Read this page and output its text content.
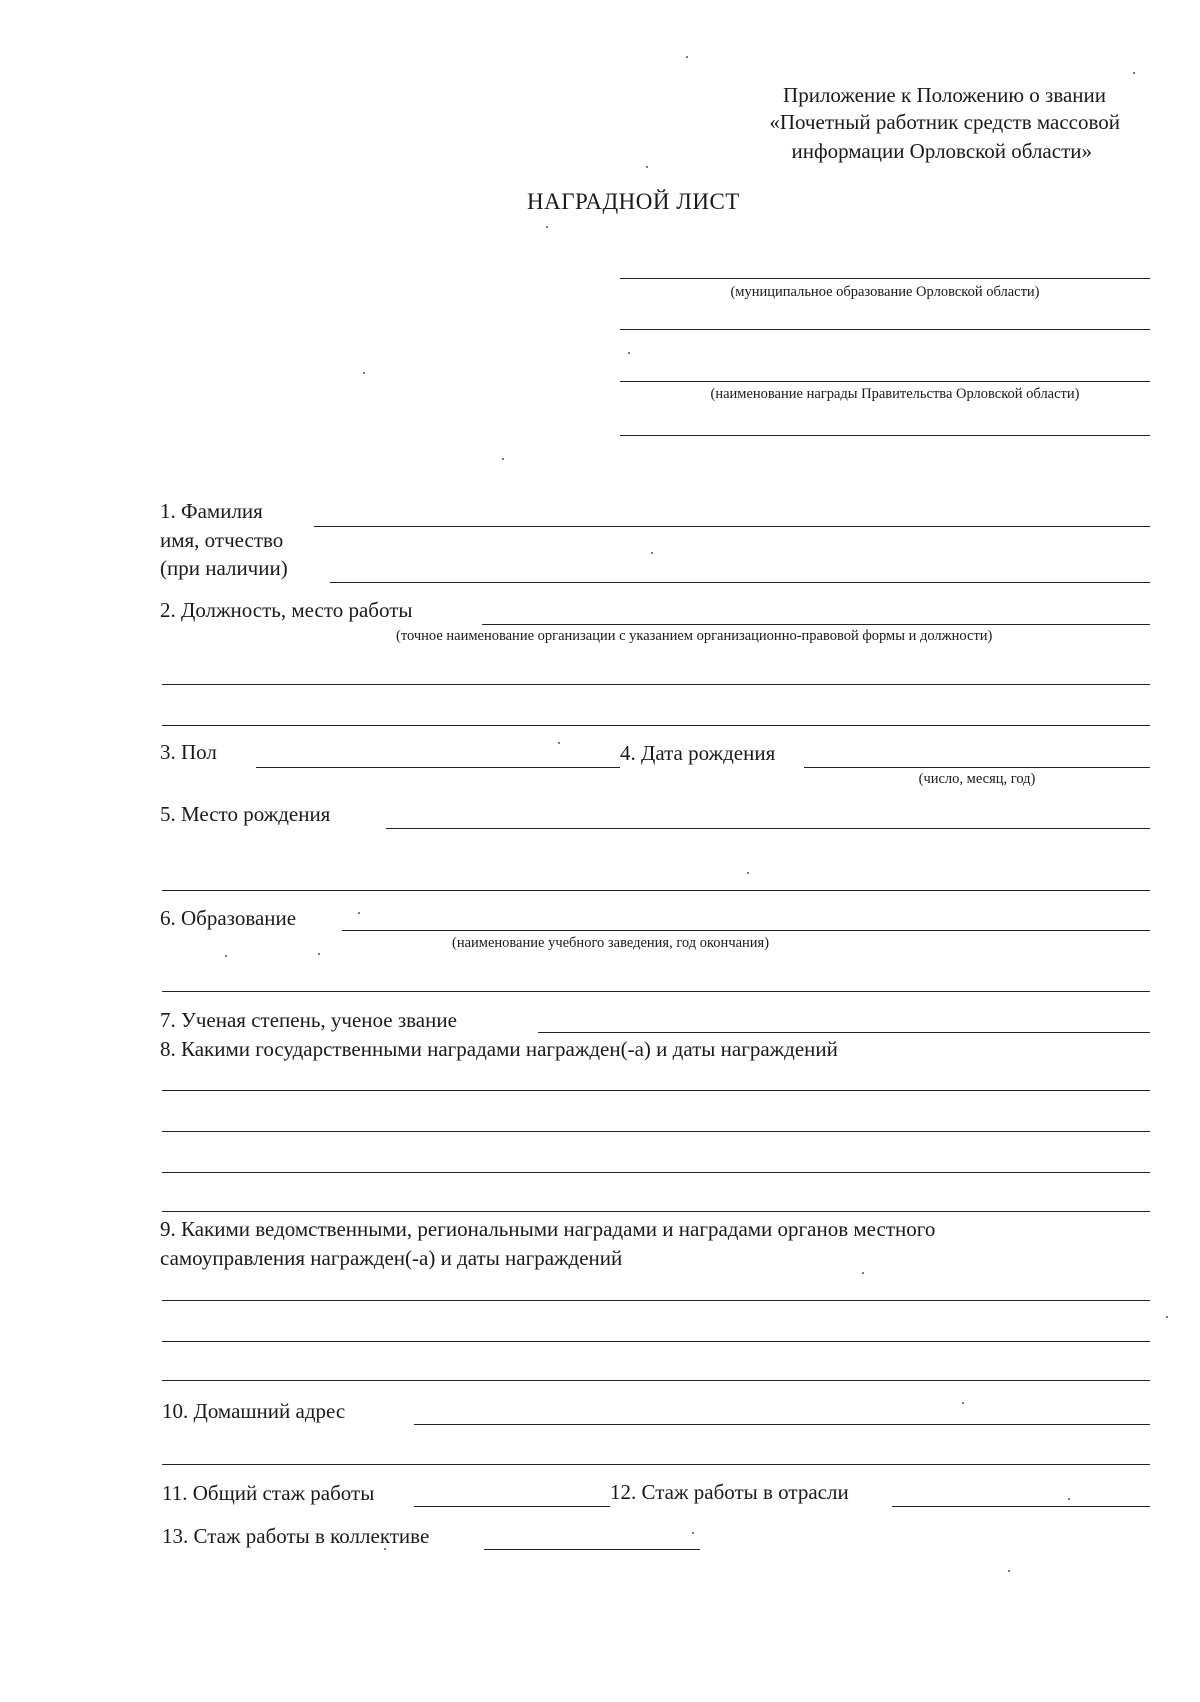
Приложение к Положению о звании
«Почетный работник средств массовой
информации Орловской области»
НАГРАДНОЙ ЛИСТ
(муниципальное образование Орловской области)
(наименование награды Правительства Орловской области)
1. Фамилия
имя, отчество
(при наличии)
2. Должность, место работы
(точное наименование организации с указанием организационно-правовой формы и должности)
3. Пол	4. Дата рождения
(число, месяц, год)
5. Место рождения
6. Образование
(наименование учебного заведения, год окончания)
7. Ученая степень, ученое звание
8. Какими государственными наградами награжден(-а) и даты награждений
9. Какими ведомственными, региональными наградами и наградами органов местного
самоуправления награжден(-а) и даты награждений
10. Домашний адрес
11. Общий стаж работы	12. Стаж работы в отрасли
13. Стаж работы в коллективе
